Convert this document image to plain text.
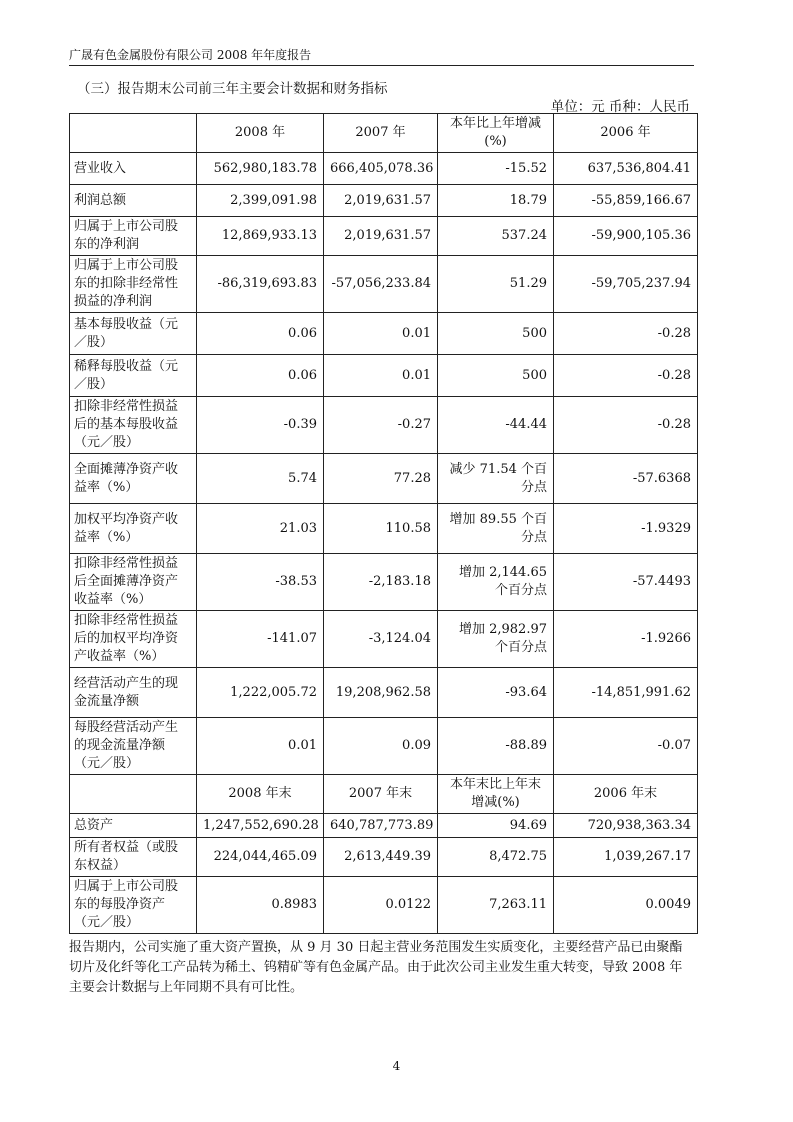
广晟有色金属股份有限公司 2008 年年度报告
（三）报告期末公司前三年主要会计数据和财务指标
单位：元 币种：人民币
	2008 年	2007 年	本年比上年增减(%)	2006 年
营业收入	562,980,183.78	666,405,078.36	-15.52	637,536,804.41
利润总额	2,399,091.98	2,019,631.57	18.79	-55,859,166.67
归属于上市公司股东的净利润	12,869,933.13	2,019,631.57	537.24	-59,900,105.36
归属于上市公司股东的扣除非经常性损益的净利润	-86,319,693.83	-57,056,233.84	51.29	-59,705,237.94
基本每股收益（元／股）	0.06	0.01	500	-0.28
稀释每股收益（元／股）	0.06	0.01	500	-0.28
扣除非经常性损益后的基本每股收益（元／股）	-0.39	-0.27	-44.44	-0.28
全面摊薄净资产收益率（%）	5.74	77.28	减少 71.54 个百分点	-57.6368
加权平均净资产收益率（%）	21.03	110.58	增加 89.55 个百分点	-1.9329
扣除非经常性损益后全面摊薄净资产收益率（%）	-38.53	-2,183.18	增加 2,144.65 个百分点	-57.4493
扣除非经常性损益后的加权平均净资产收益率（%）	-141.07	-3,124.04	增加 2,982.97 个百分点	-1.9266
经营活动产生的现金流量净额	1,222,005.72	19,208,962.58	-93.64	-14,851,991.62
每股经营活动产生的现金流量净额（元／股）	0.01	0.09	-88.89	-0.07
	2008 年末	2007 年末	本年末比上年末增减(%)	2006 年末
总资产	1,247,552,690.28	640,787,773.89	94.69	720,938,363.34
所有者权益（或股东权益）	224,044,465.09	2,613,449.39	8,472.75	1,039,267.17
归属于上市公司股东的每股净资产（元／股）	0.8983	0.0122	7,263.11	0.0049
报告期内，公司实施了重大资产置换，从 9 月 30 日起主营业务范围发生实质变化，主要经营产品已由聚酯切片及化纤等化工产品转为稀土、钨精矿等有色金属产品。由于此次公司主业发生重大转变，导致 2008 年主要会计数据与上年同期不具有可比性。
4
